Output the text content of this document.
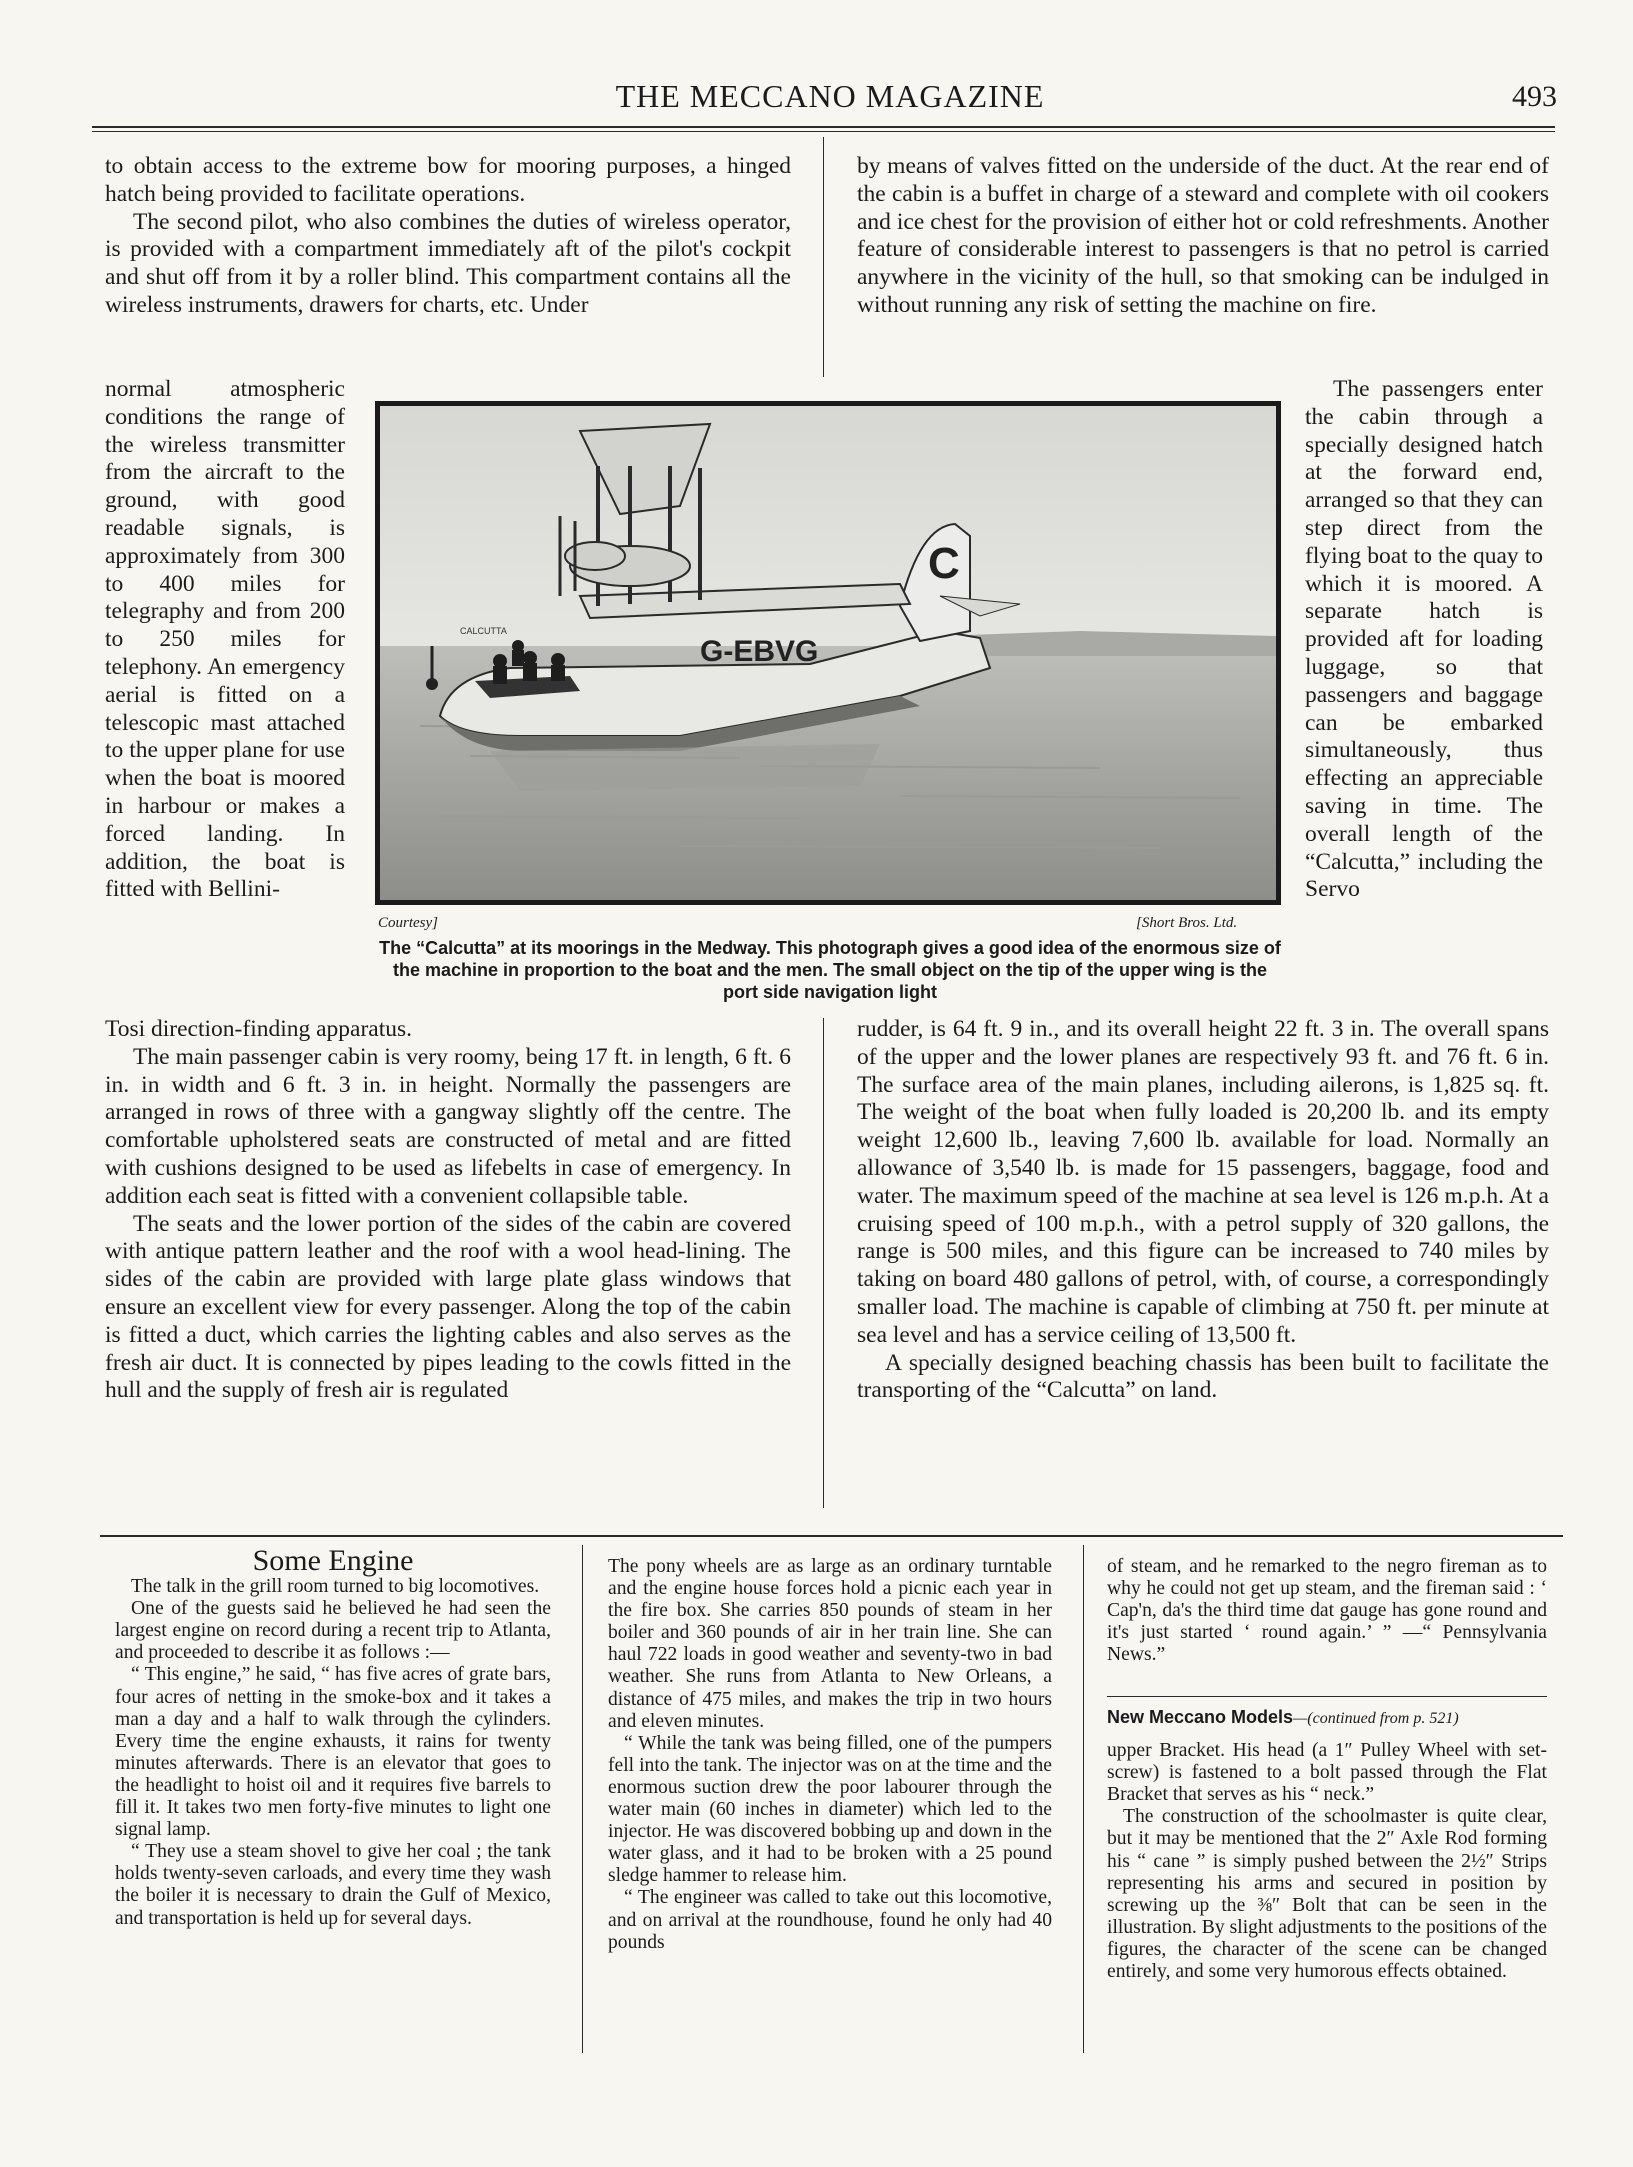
THE MECCANO MAGAZINE	493

to obtain access to the extreme bow for mooring purposes, a hinged hatch being provided to facilitate operations.

The second pilot, who also combines the duties of wireless operator, is provided with a compartment immediately aft of the pilot's cockpit and shut off from it by a roller blind. This compartment contains all the wireless instruments, drawers for charts, etc. Under

by means of valves fitted on the underside of the duct. At the rear end of the cabin is a buffet in charge of a steward and complete with oil cookers and ice chest for the provision of either hot or cold refreshments. Another feature of considerable interest to passengers is that no petrol is carried anywhere in the vicinity of the hull, so that smoking can be indulged in without running any risk of setting the machine on fire.

normal atmospheric conditions the range of the wireless transmitter from the aircraft to the ground, with good readable signals, is approximately from 300 to 400 miles for telegraphy and from 200 to 250 miles for telephony. An emergency aerial is fitted on a telescopic mast attached to the upper plane for use when the boat is moored in harbour or makes a forced landing. In addition, the boat is fitted with Bellini-

C
G-EBVG
CALCUTTA
Courtesy]	[Short Bros. Ltd.
The “Calcutta” at its moorings in the Medway. This photograph gives a good idea of the enormous size of the machine in proportion to the boat and the men. The small object on the tip of the upper wing is the port side navigation light

The passengers enter the cabin through a specially designed hatch at the forward end, arranged so that they can step direct from the flying boat to the quay to which it is moored. A separate hatch is provided aft for loading luggage, so that passengers and baggage can be embarked simultaneously, thus effecting an appreciable saving in time. The overall length of the “Calcutta,” including the Servo

Tosi direction-finding apparatus.

The main passenger cabin is very roomy, being 17 ft. in length, 6 ft. 6 in. in width and 6 ft. 3 in. in height. Normally the passengers are arranged in rows of three with a gangway slightly off the centre. The comfortable upholstered seats are constructed of metal and are fitted with cushions designed to be used as lifebelts in case of emergency. In addition each seat is fitted with a convenient collapsible table.

The seats and the lower portion of the sides of the cabin are covered with antique pattern leather and the roof with a wool head-lining. The sides of the cabin are provided with large plate glass windows that ensure an excellent view for every passenger. Along the top of the cabin is fitted a duct, which carries the lighting cables and also serves as the fresh air duct. It is connected by pipes leading to the cowls fitted in the hull and the supply of fresh air is regulated

rudder, is 64 ft. 9 in., and its overall height 22 ft. 3 in. The overall spans of the upper and the lower planes are respectively 93 ft. and 76 ft. 6 in. The surface area of the main planes, including ailerons, is 1,825 sq. ft. The weight of the boat when fully loaded is 20,200 lb. and its empty weight 12,600 lb., leaving 7,600 lb. available for load. Normally an allowance of 3,540 lb. is made for 15 passengers, baggage, food and water. The maximum speed of the machine at sea level is 126 m.p.h. At a cruising speed of 100 m.p.h., with a petrol supply of 320 gallons, the range is 500 miles, and this figure can be increased to 740 miles by taking on board 480 gallons of petrol, with, of course, a correspondingly smaller load. The machine is capable of climbing at 750 ft. per minute at sea level and has a service ceiling of 13,500 ft.

A specially designed beaching chassis has been built to facilitate the transporting of the “Calcutta” on land.

Some Engine

The talk in the grill room turned to big locomotives.

One of the guests said he believed he had seen the largest engine on record during a recent trip to Atlanta, and proceeded to describe it as follows :—

“ This engine,” he said, “ has five acres of grate bars, four acres of netting in the smoke-box and it takes a man a day and a half to walk through the cylinders. Every time the engine exhausts, it rains for twenty minutes afterwards. There is an elevator that goes to the headlight to hoist oil and it requires five barrels to fill it. It takes two men forty-five minutes to light one signal lamp.

“ They use a steam shovel to give her coal ; the tank holds twenty-seven carloads, and every time they wash the boiler it is necessary to drain the Gulf of Mexico, and transportation is held up for several days.

The pony wheels are as large as an ordinary turntable and the engine house forces hold a picnic each year in the fire box. She carries 850 pounds of steam in her boiler and 360 pounds of air in her train line. She can haul 722 loads in good weather and seventy-two in bad weather. She runs from Atlanta to New Orleans, a distance of 475 miles, and makes the trip in two hours and eleven minutes.

“ While the tank was being filled, one of the pumpers fell into the tank. The injector was on at the time and the enormous suction drew the poor labourer through the water main (60 inches in diameter) which led to the injector. He was discovered bobbing up and down in the water glass, and it had to be broken with a 25 pound sledge hammer to release him.

“ The engineer was called to take out this locomotive, and on arrival at the roundhouse, found he only had 40 pounds

of steam, and he remarked to the negro fireman as to why he could not get up steam, and the fireman said : ‘ Cap'n, da's the third time dat gauge has gone round and it's just started ‘ round again.’ ” —“ Pennsylvania News.”

New Meccano Models—(continued from p. 521)

upper Bracket. His head (a 1″ Pulley Wheel with set-screw) is fastened to a bolt passed through the Flat Bracket that serves as his “ neck.”

The construction of the schoolmaster is quite clear, but it may be mentioned that the 2″ Axle Rod forming his “ cane ” is simply pushed between the 2½″ Strips representing his arms and secured in position by screwing up the ⅜″ Bolt that can be seen in the illustration. By slight adjustments to the positions of the figures, the character of the scene can be changed entirely, and some very humorous effects obtained.
